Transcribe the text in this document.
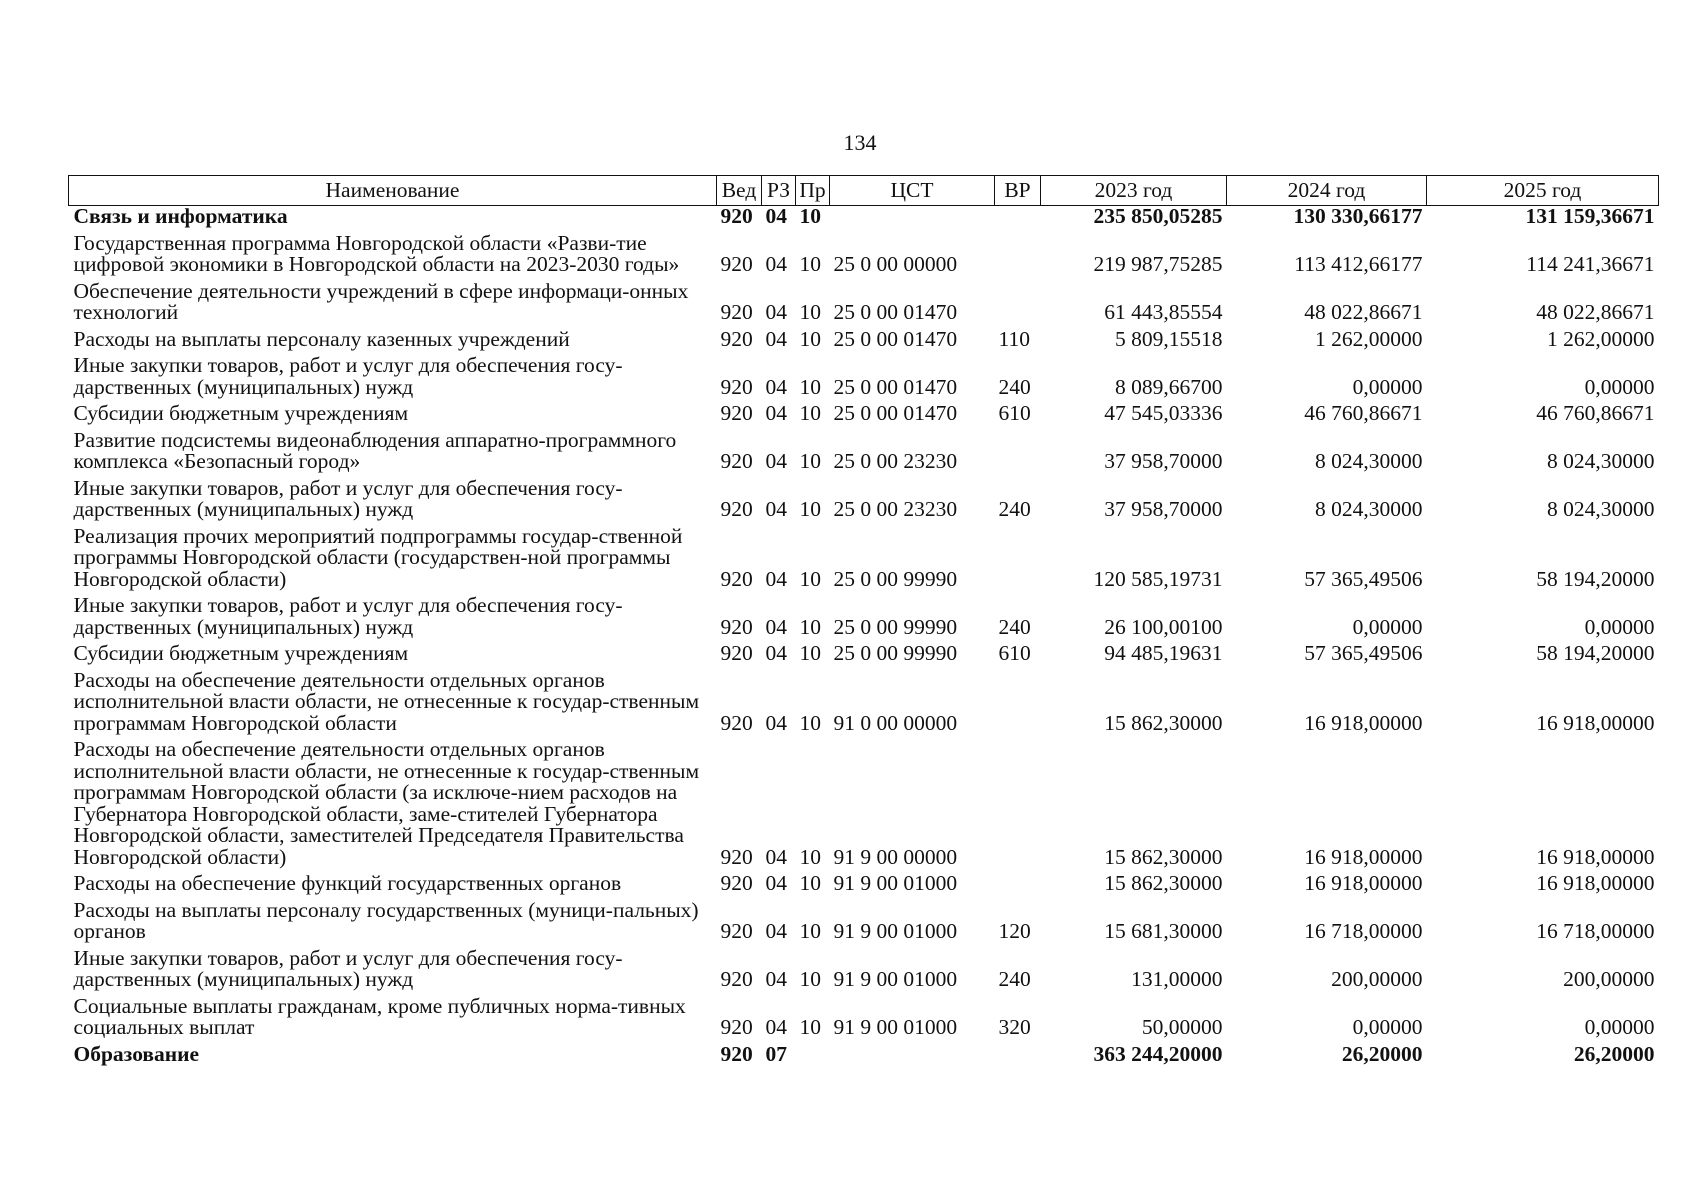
134
Наименование	Вед	РЗ	Пр	ЦСТ	ВР	2023 год	2024 год	2025 год
Связь и информатика	920	04	10			235 850,05285	130 330,66177	131 159,36671
Государственная программа Новгородской области «Разви-тие цифровой экономики в Новгородской области на 2023-2030 годы»	920	04	10	25 0 00 00000		219 987,75285	113 412,66177	114 241,36671
Обеспечение деятельности учреждений в сфере информаци-онных технологий	920	04	10	25 0 00 01470		61 443,85554	48 022,86671	48 022,86671
Расходы на выплаты персоналу казенных учреждений	920	04	10	25 0 00 01470	110	5 809,15518	1 262,00000	1 262,00000
Иные закупки товаров, работ и услуг для обеспечения госу-дарственных (муниципальных) нужд	920	04	10	25 0 00 01470	240	8 089,66700	0,00000	0,00000
Субсидии бюджетным учреждениям	920	04	10	25 0 00 01470	610	47 545,03336	46 760,86671	46 760,86671
Развитие подсистемы видеонаблюдения аппаратно-программного комплекса «Безопасный город»	920	04	10	25 0 00 23230		37 958,70000	8 024,30000	8 024,30000
Иные закупки товаров, работ и услуг для обеспечения госу-дарственных (муниципальных) нужд	920	04	10	25 0 00 23230	240	37 958,70000	8 024,30000	8 024,30000
Реализация прочих мероприятий подпрограммы государ-ственной программы Новгородской области (государствен-ной программы Новгородской области)	920	04	10	25 0 00 99990		120 585,19731	57 365,49506	58 194,20000
Иные закупки товаров, работ и услуг для обеспечения госу-дарственных (муниципальных) нужд	920	04	10	25 0 00 99990	240	26 100,00100	0,00000	0,00000
Субсидии бюджетным учреждениям	920	04	10	25 0 00 99990	610	94 485,19631	57 365,49506	58 194,20000
Расходы на обеспечение деятельности отдельных органов исполнительной власти области, не отнесенные к государ-ственным программам Новгородской области	920	04	10	91 0 00 00000		15 862,30000	16 918,00000	16 918,00000
Расходы на обеспечение деятельности отдельных органов исполнительной власти области, не отнесенные к государ-ственным программам Новгородской области (за исключе-нием расходов на Губернатора Новгородской области, заме-стителей Губернатора Новгородской области, заместителей Председателя Правительства Новгородской области)	920	04	10	91 9 00 00000		15 862,30000	16 918,00000	16 918,00000
Расходы на обеспечение функций государственных органов	920	04	10	91 9 00 01000		15 862,30000	16 918,00000	16 918,00000
Расходы на выплаты персоналу государственных (муници-пальных) органов	920	04	10	91 9 00 01000	120	15 681,30000	16 718,00000	16 718,00000
Иные закупки товаров, работ и услуг для обеспечения госу-дарственных (муниципальных) нужд	920	04	10	91 9 00 01000	240	131,00000	200,00000	200,00000
Социальные выплаты гражданам, кроме публичных норма-тивных социальных выплат	920	04	10	91 9 00 01000	320	50,00000	0,00000	0,00000
Образование	920	07				363 244,20000	26,20000	26,20000
